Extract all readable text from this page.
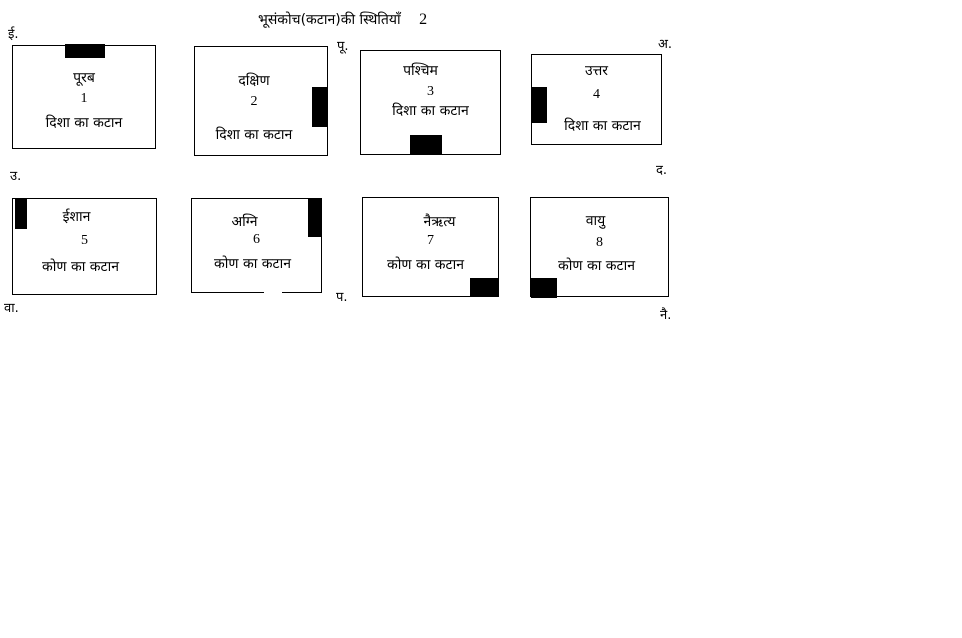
भूसंकोच(कटान)की स्थितियाँ 2
ई.
पू.	अ.
उ.	द.
वा.
प.
नै.
पूरब
1
दिशा का कटान
दक्षिण
2
दिशा का कटान
पश्चिम
3
दिशा का कटान
उत्तर
4
दिशा का कटान
ईशान
5
कोण का कटान
अग्नि
6
कोण का कटान
नैऋत्य
7
कोण का कटान
वायु
8
कोण का कटान
